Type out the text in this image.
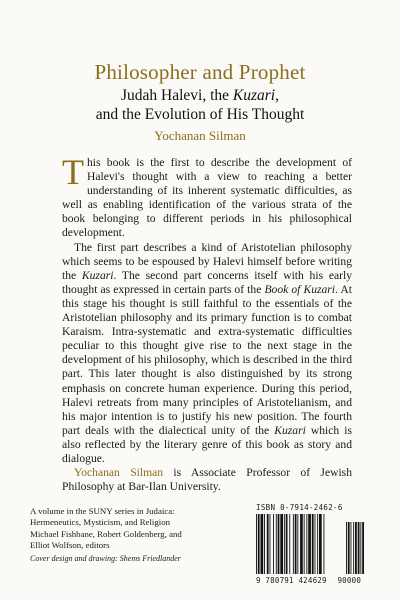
Philosopher and Prophet
Judah Halevi, the Kuzari,
and the Evolution of His Thought
Yochanan Silman

This book is the first to describe the development of Halevi's thought with a view to reaching a better understanding of its inherent systematic difficulties, as well as enabling identification of the various strata of the book belonging to different periods in his philosophical development.

The first part describes a kind of Aristotelian philosophy which seems to be espoused by Halevi himself before writing the Kuzari. The second part concerns itself with his early thought as expressed in certain parts of the Book of Kuzari. At this stage his thought is still faithful to the essentials of the Aristotelian philosophy and its primary function is to combat Karaism. Intra-systematic and extra-systematic difficulties peculiar to this thought give rise to the next stage in the development of his philosophy, which is described in the third part. This later thought is also distinguished by its strong emphasis on concrete human experience. During this period, Halevi retreats from many principles of Aristotelianism, and his major intention is to justify his new position. The fourth part deals with the dialectical unity of the Kuzari which is also reflected by the literary genre of this book as story and dialogue.

Yochanan Silman is Associate Professor of Jewish Philosophy at Bar-Ilan University.

A volume in the SUNY series in Judaica:
Hermeneutics, Mysticism, and Religion
Michael Fishbane, Robert Goldenberg, and
Elliot Wolfson, editors
Cover design and drawing: Shems Friedlander
ISBN 0-7914-2462-6
9 780791 424629 90000
